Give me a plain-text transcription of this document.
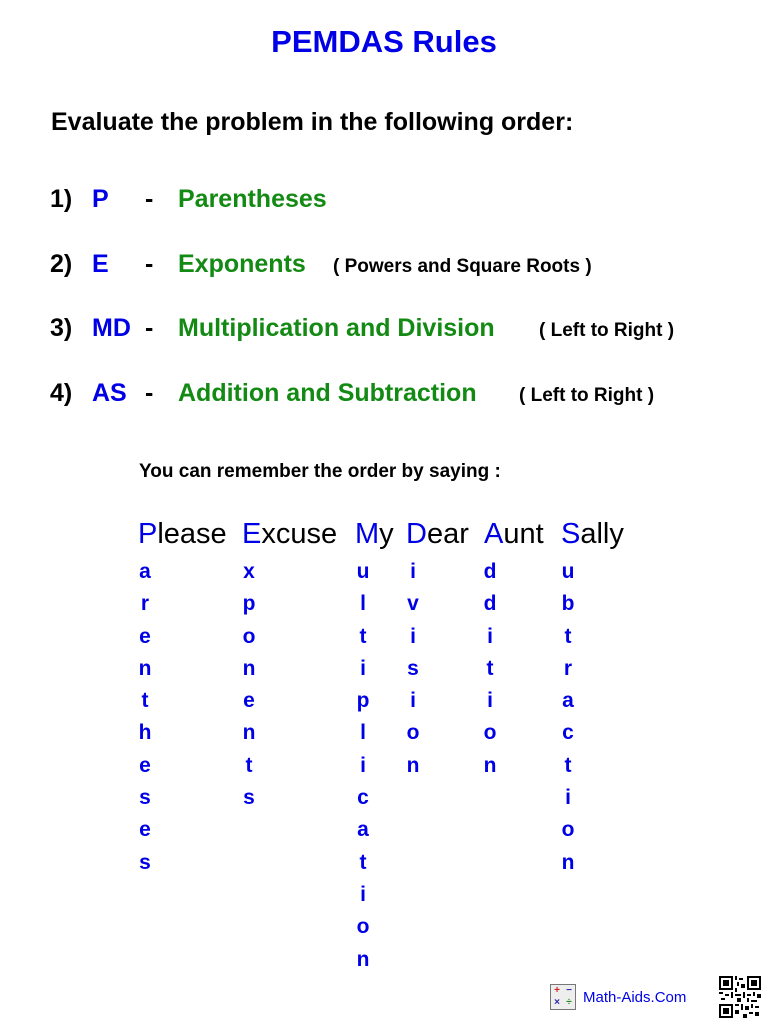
PEMDAS Rules

Evaluate the problem in the following order:

1) P - Parentheses
2) E - Exponents ( Powers and Square Roots )
3) MD - Multiplication and Division ( Left to Right )
4) AS - Addition and Subtraction ( Left to Right )

You can remember the order by saying :

Please Excuse My Dear Aunt Sally
a
r
e
n
t
h
e
s
e
s
x
p
o
n
e
n
t
s
u
l
t
i
p
l
i
c
a
t
i
o
n
i
v
i
s
i
o
n
d
d
i
t
i
o
n
u
b
t
r
a
c
t
i
o
n
+ −
× ÷ Math-Aids.Com
